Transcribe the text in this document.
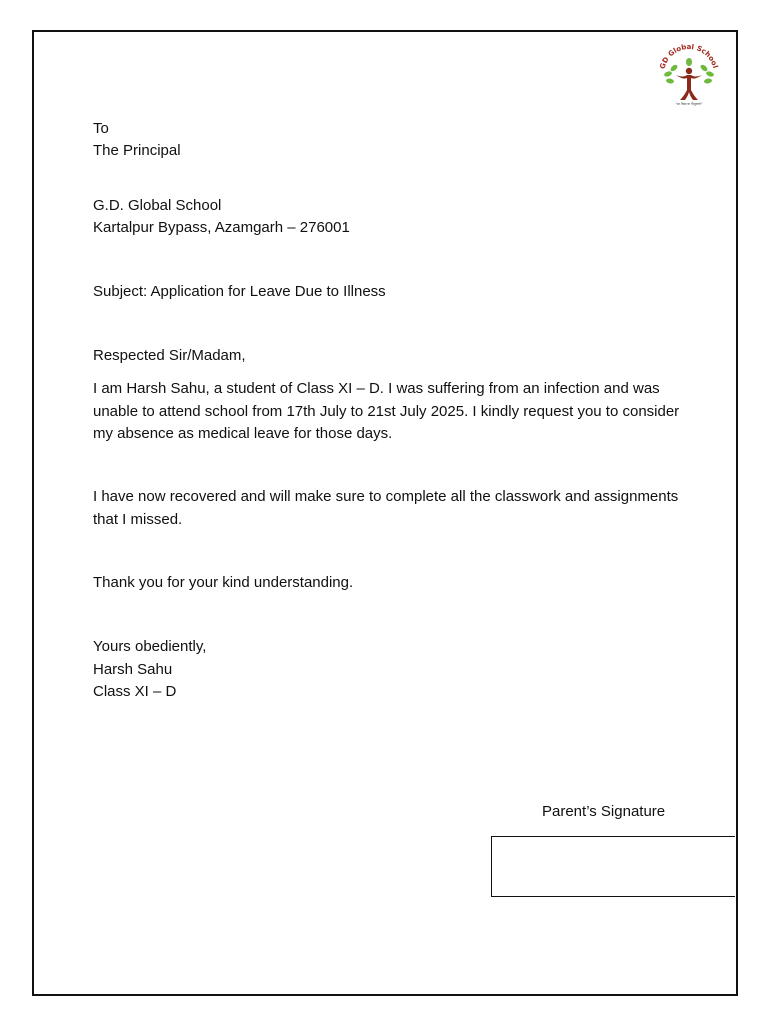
GD Global School
"सा विद्या या विमुक्तये"
To
The Principal
G.D. Global School
Kartalpur Bypass, Azamgarh – 276001
Subject: Application for Leave Due to Illness
Respected Sir/Madam,
I am Harsh Sahu, a student of Class XI – D. I was suffering from an infection and was unable to attend school from 17th July to 21st July 2025. I kindly request you to consider my absence as medical leave for those days.
I have now recovered and will make sure to complete all the classwork and assignments that I missed.
Thank you for your kind understanding.
Yours obediently,
Harsh Sahu
Class XI – D
Parent’s Signature
